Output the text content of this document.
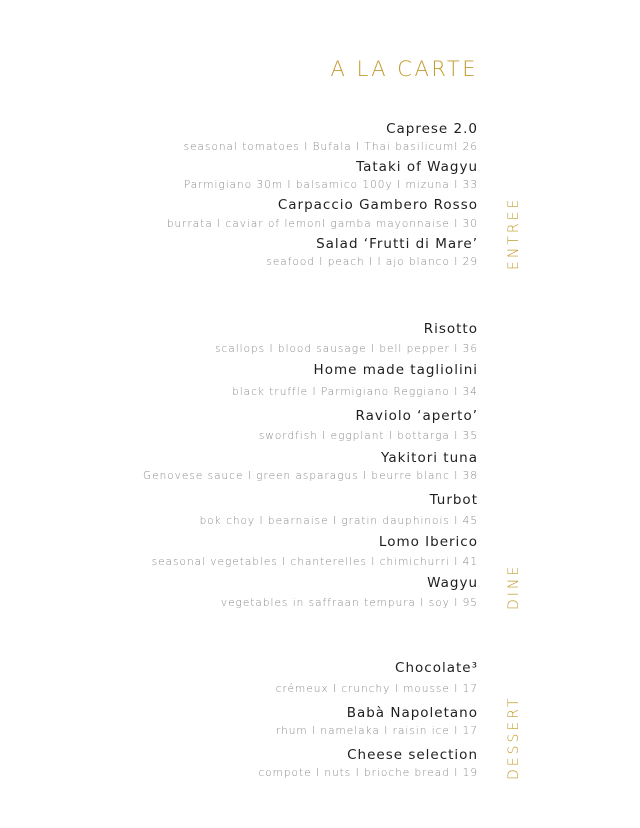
A LA CARTE
Caprese 2.0
seasonal tomatoes I Bufala I Thai basilicumI 26
Tataki of Wagyu
Parmigiano 30m I balsamico 100y I mizuna I 33
Carpaccio Gambero Rosso
burrata I caviar of lemonI gamba mayonnaise I 30
Salad ‘Frutti di Mare’
seafood I peach I I ajo blanco I 29 ENTREE
Risotto
scallops I blood sausage I bell pepper I 36
Home made tagliolini
black truffle I Parmigiano Reggiano I 34
Raviolo ‘aperto’
swordfish I eggplant I bottarga I 35
Yakitori tuna
Genovese sauce I green asparagus I beurre blanc I 38
Turbot
bok choy I bearnaise I gratin dauphinois I 45
Lomo Iberico
seasonal vegetables I chanterelles I chimichurri I 41
Wagyu
vegetables in saffraan tempura I soy I 95 DINE
Chocolate³
crémeux I crunchy I mousse I 17
Babà Napoletano
rhum I namelaka I raisin ice I 17
Cheese selection
compote I nuts I brioche bread I 19 DESSERT
